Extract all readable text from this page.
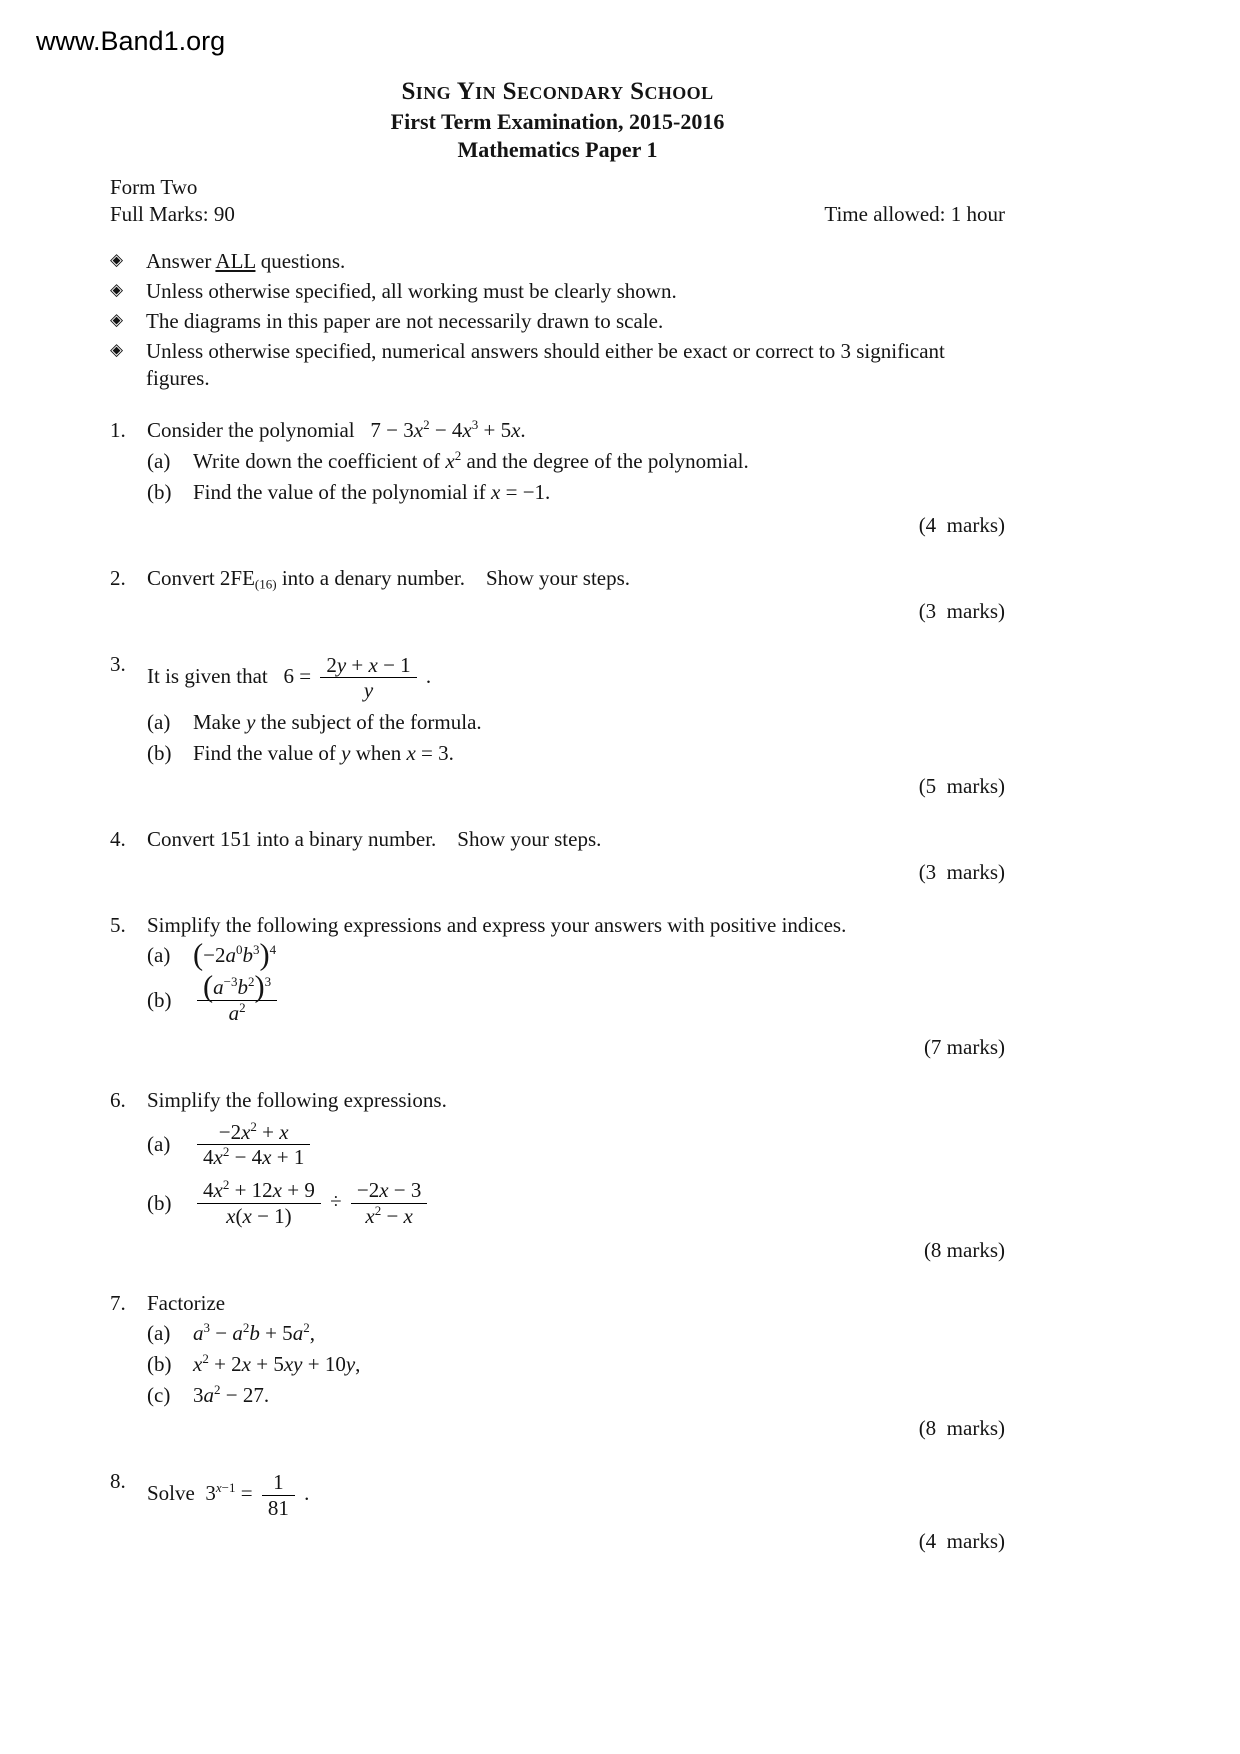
www.Band1.org
Sing Yin Secondary School
First Term Examination, 2015-2016
Mathematics Paper 1
Form Two
Full Marks: 90	Time allowed: 1 hour
◈	Answer ALL questions.
◈	Unless otherwise specified, all working must be clearly shown.
◈	The diagrams in this paper are not necessarily drawn to scale.
◈	Unless otherwise specified, numerical answers should either be exact or correct to 3 significant figures.
1.	Consider the polynomial   $7 - 3x^2 - 4x^3 + 5x$.
(a)	Write down the coefficient of $x^2$ and the degree of the polynomial.
(b)	Find the value of the polynomial if x = −1.
(4  marks)
2.	Convert $2FE_{(16)}$ into a denary number.    Show your steps.
(3  marks)
3.
It is given that   $6 = \frac{2y + x - 1}{y}$ .
(a)	Make y the subject of the formula.
(b)	Find the value of y when x = 3.
(5  marks)
4.	Convert 151 into a binary number.    Show your steps.
(3  marks)
5.	Simplify the following expressions and express your answers with positive indices.
(a) $(-2a^0b^3)^4$
$(b) \frac{(a^{-3}b^2)^3}{a^2}$
(7 marks)
6.	Simplify the following expressions.
(a)	$\frac{-2x^2 + x}{4x^2 - 4x + 1}$
(b)	$\frac{4x^2 + 12x + 9}{x(x - 1)} \div \frac{-2x - 3}{x^2 - x}$
(8 marks)
7.	Factorize
(a)	$a^3 - a^2b + 5a^2$,
(b)	$x^2 + 2x + 5xy + 10y$,
(c)	$3a^2 - 27$.
(8  marks)
8.
Solve  $3^{x-1} = \frac{1}{81}$ .
(4  marks)
